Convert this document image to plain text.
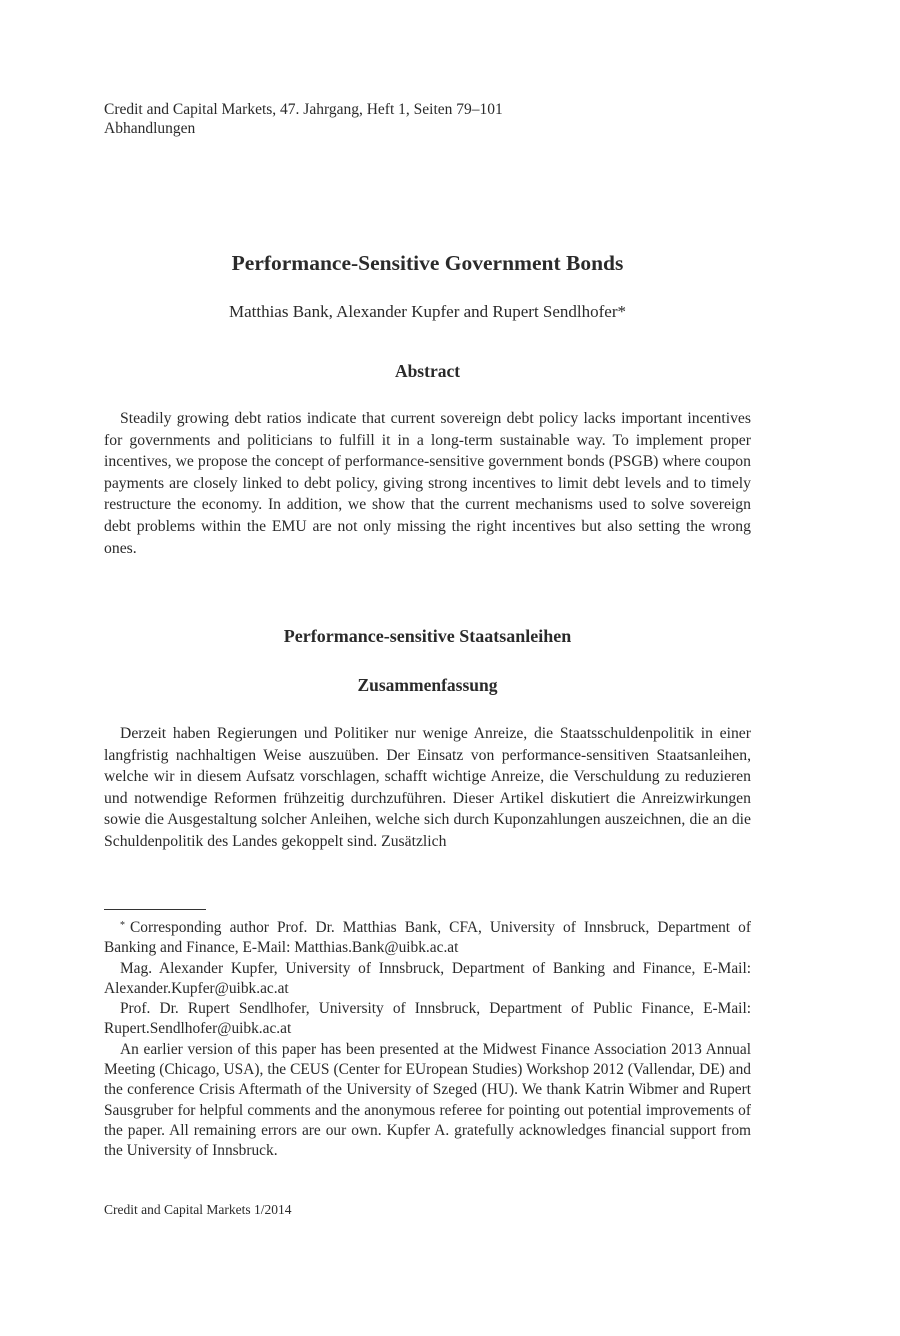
Credit and Capital Markets, 47. Jahrgang, Heft 1, Seiten 79–101
Abhandlungen
Performance-Sensitive Government Bonds
Matthias Bank, Alexander Kupfer and Rupert Sendlhofer*
Abstract

Steadily growing debt ratios indicate that current sovereign debt policy lacks important incentives for governments and politicians to fulfill it in a long-term sustainable way. To implement proper incentives, we propose the concept of performance-sensitive government bonds (PSGB) where coupon payments are closely linked to debt policy, giving strong incentives to limit debt levels and to timely restructure the economy. In addition, we show that the current mechanisms used to solve sovereign debt problems within the EMU are not only missing the right incentives but also setting the wrong ones.

Performance-sensitive Staatsanleihen
Zusammenfassung

Derzeit haben Regierungen und Politiker nur wenige Anreize, die Staatsschuldenpolitik in einer langfristig nachhaltigen Weise auszuüben. Der Einsatz von performance-sensitiven Staatsanleihen, welche wir in diesem Aufsatz vorschlagen, schafft wichtige Anreize, die Verschuldung zu reduzieren und notwendige Reformen frühzeitig durchzuführen. Dieser Artikel diskutiert die Anreizwirkungen sowie die Ausgestaltung solcher Anleihen, welche sich durch Kuponzahlungen auszeichnen, die an die Schuldenpolitik des Landes gekoppelt sind. Zusätzlich

* Corresponding author Prof. Dr. Matthias Bank, CFA, University of Innsbruck, Department of Banking and Finance, E-Mail: Matthias.Bank@uibk.ac.at

Mag. Alexander Kupfer, University of Innsbruck, Department of Banking and Finance, E-Mail: Alexander.Kupfer@uibk.ac.at

Prof. Dr. Rupert Sendlhofer, University of Innsbruck, Department of Public Finance, E-Mail: Rupert.Sendlhofer@uibk.ac.at

An earlier version of this paper has been presented at the Midwest Finance Association 2013 Annual Meeting (Chicago, USA), the CEUS (Center for EUropean Studies) Workshop 2012 (Vallendar, DE) and the conference Crisis Aftermath of the University of Szeged (HU). We thank Katrin Wibmer and Rupert Sausgruber for helpful comments and the anonymous referee for pointing out potential improvements of the paper. All remaining errors are our own. Kupfer A. gratefully acknowledges financial support from the University of Innsbruck.

Credit and Capital Markets 1/2014
